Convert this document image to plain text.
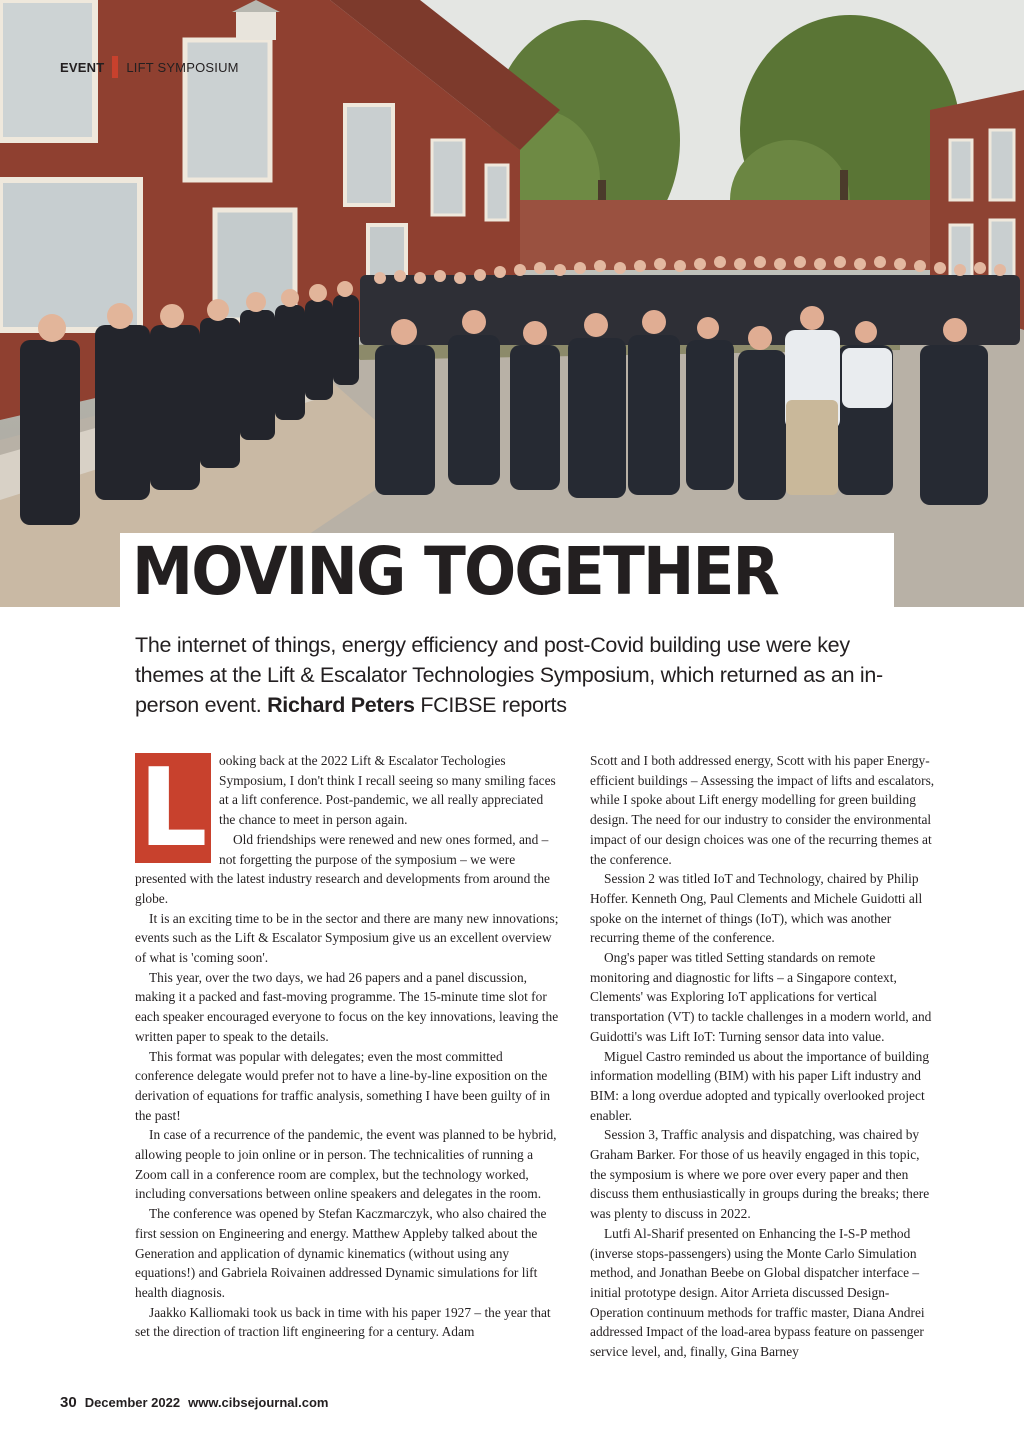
EVENT LIFT SYMPOSIUM
MOVING TOGETHER
The internet of things, energy efficiency and post-Covid building use were key themes at the Lift & Escalator Technologies Symposium, which returned as an in-person event. Richard Peters FCIBSE reports
L ooking back at the 2022 Lift & Escalator Techologies Symposium, I don't think I recall seeing so many smiling faces at a lift conference. Post-pandemic, we all really appreciated the chance to meet in person again.

Old friendships were renewed and new ones formed, and – not forgetting the purpose of the symposium – we were presented with the latest industry research and developments from around the globe.

It is an exciting time to be in the sector and there are many new innovations; events such as the Lift & Escalator Symposium give us an excellent overview of what is 'coming soon'.

This year, over the two days, we had 26 papers and a panel discussion, making it a packed and fast-moving programme. The 15-minute time slot for each speaker encouraged everyone to focus on the key innovations, leaving the written paper to speak to the details.

This format was popular with delegates; even the most committed conference delegate would prefer not to have a line-by-line exposition on the derivation of equations for traffic analysis, something I have been guilty of in the past!

In case of a recurrence of the pandemic, the event was planned to be hybrid, allowing people to join online or in person. The technicalities of running a Zoom call in a conference room are complex, but the technology worked, including conversations between online speakers and delegates in the room.

The conference was opened by Stefan Kaczmarczyk, who also chaired the first session on Engineering and energy. Matthew Appleby talked about the Generation and application of dynamic kinematics (without using any equations!) and Gabriela Roivainen addressed Dynamic simulations for lift health diagnosis.

Jaakko Kalliomaki took us back in time with his paper 1927 – the year that set the direction of traction lift engineering for a century. Adam

Scott and I both addressed energy, Scott with his paper Energy-efficient buildings – Assessing the impact of lifts and escalators, while I spoke about Lift energy modelling for green building design. The need for our industry to consider the environmental impact of our design choices was one of the recurring themes at the conference.

Session 2 was titled IoT and Technology, chaired by Philip Hoffer. Kenneth Ong, Paul Clements and Michele Guidotti all spoke on the internet of things (IoT), which was another recurring theme of the conference.

Ong's paper was titled Setting standards on remote monitoring and diagnostic for lifts – a Singapore context, Clements' was Exploring IoT applications for vertical transportation (VT) to tackle challenges in a modern world, and Guidotti's was Lift IoT: Turning sensor data into value.

Miguel Castro reminded us about the importance of building information modelling (BIM) with his paper Lift industry and BIM: a long overdue adopted and typically overlooked project enabler.

Session 3, Traffic analysis and dispatching, was chaired by Graham Barker. For those of us heavily engaged in this topic, the symposium is where we pore over every paper and then discuss them enthusiastically in groups during the breaks; there was plenty to discuss in 2022.

Lutfi Al-Sharif presented on Enhancing the I-S-P method (inverse stops-passengers) using the Monte Carlo Simulation method, and Jonathan Beebe on Global dispatcher interface – initial prototype design. Aitor Arrieta discussed Design-Operation continuum methods for traffic master, Diana Andrei addressed Impact of the load-area bypass feature on passenger service level, and, finally, Gina Barney

30 December 2022 www.cibsejournal.com
